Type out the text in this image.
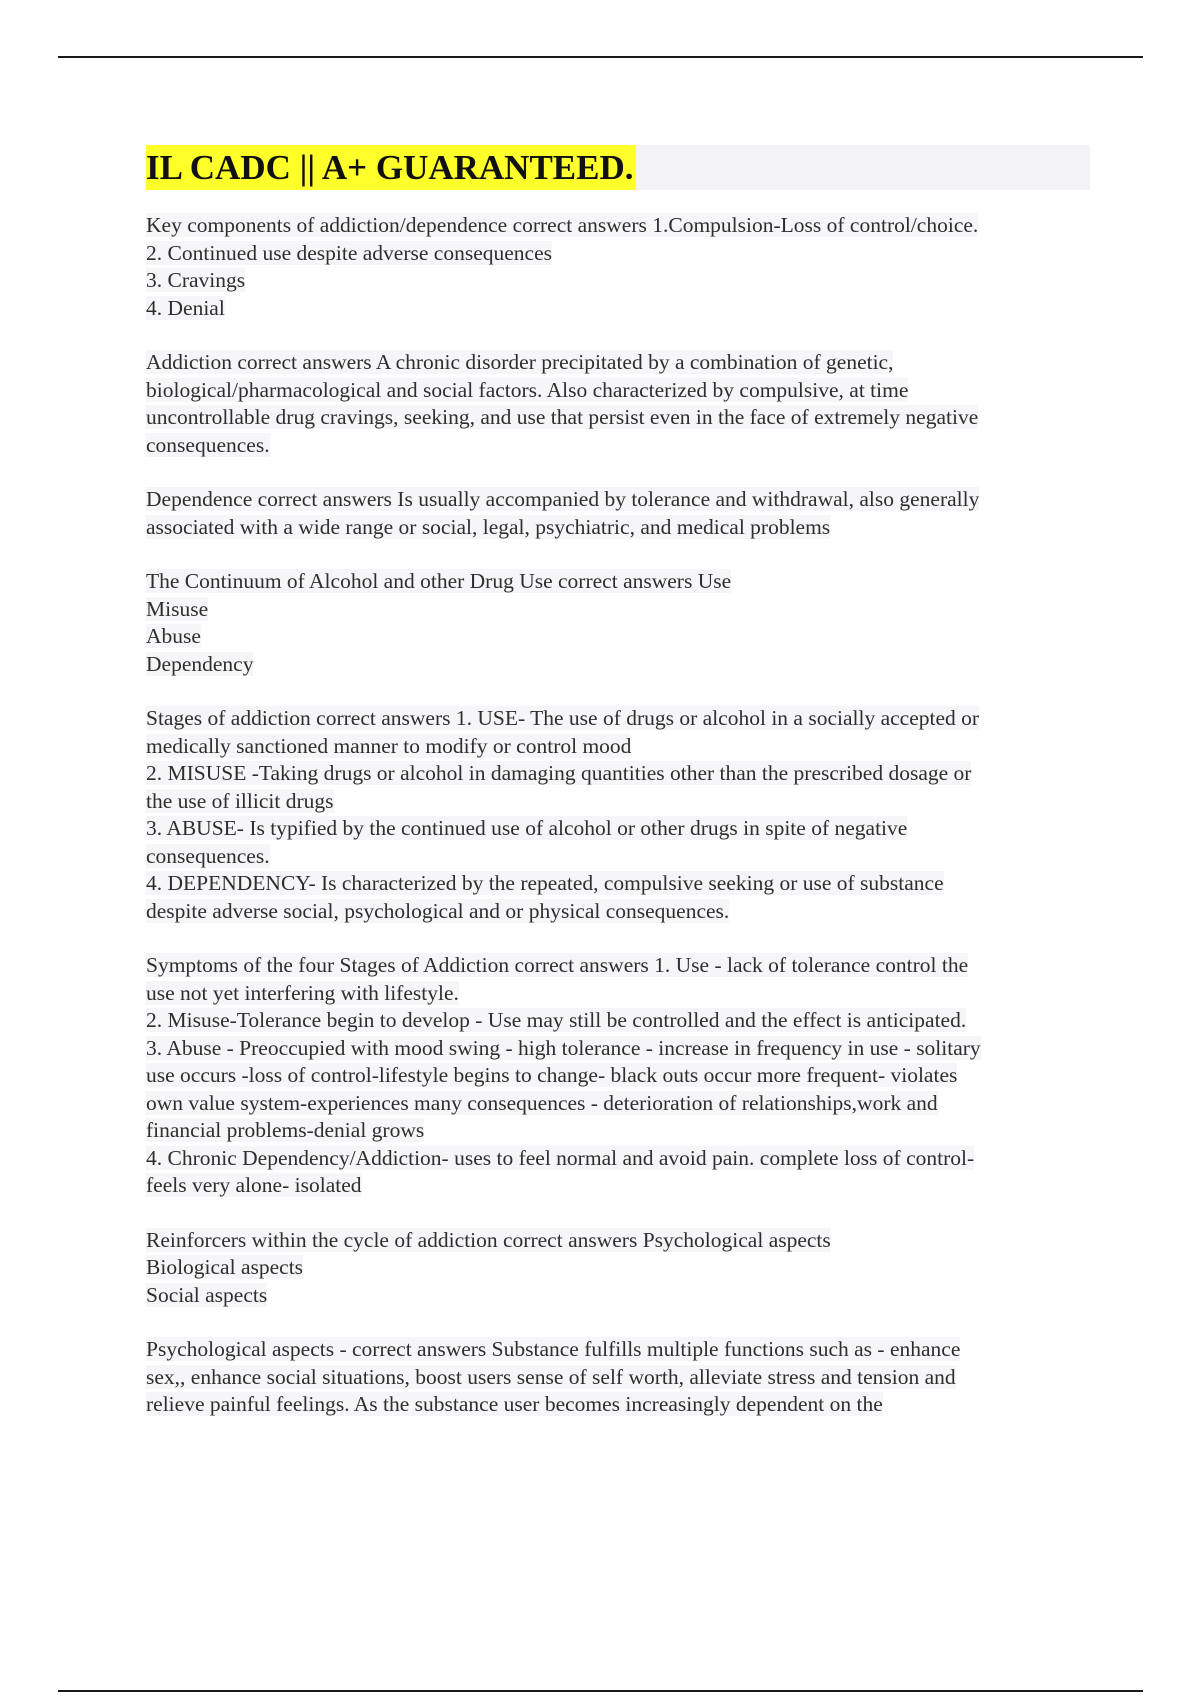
IL CADC || A+ GUARANTEED.
Key components of addiction/dependence correct answers 1.Compulsion-Loss of control/choice.
2. Continued use despite adverse consequences
3. Cravings
4. Denial
Addiction correct answers A chronic disorder precipitated by a combination of genetic,
biological/pharmacological and social factors. Also characterized by compulsive, at time
uncontrollable drug cravings, seeking, and use that persist even in the face of extremely negative
consequences.
Dependence correct answers Is usually accompanied by tolerance and withdrawal, also generally
associated with a wide range or social, legal, psychiatric, and medical problems
The Continuum of Alcohol and other Drug Use correct answers Use
Misuse
Abuse
Dependency
Stages of addiction correct answers 1. USE- The use of drugs or alcohol in a socially accepted or
medically sanctioned manner to modify or control mood
2. MISUSE -Taking drugs or alcohol in damaging quantities other than the prescribed dosage or
the use of illicit drugs
3. ABUSE- Is typified by the continued use of alcohol or other drugs in spite of negative
consequences.
4. DEPENDENCY- Is characterized by the repeated, compulsive seeking or use of substance
despite adverse social, psychological and or physical consequences.
Symptoms of the four Stages of Addiction correct answers 1. Use - lack of tolerance control the
use not yet interfering with lifestyle.
2. Misuse-Tolerance begin to develop - Use may still be controlled and the effect is anticipated.
3. Abuse - Preoccupied with mood swing - high tolerance - increase in frequency in use - solitary
use occurs -loss of control-lifestyle begins to change- black outs occur more frequent- violates
own value system-experiences many consequences - deterioration of relationships,work and
financial problems-denial grows
4. Chronic Dependency/Addiction- uses to feel normal and avoid pain. complete loss of control-
feels very alone- isolated
Reinforcers within the cycle of addiction correct answers Psychological aspects
Biological aspects
Social aspects
Psychological aspects - correct answers Substance fulfills multiple functions such as - enhance
sex,, enhance social situations, boost users sense of self worth, alleviate stress and tension and
relieve painful feelings. As the substance user becomes increasingly dependent on the
